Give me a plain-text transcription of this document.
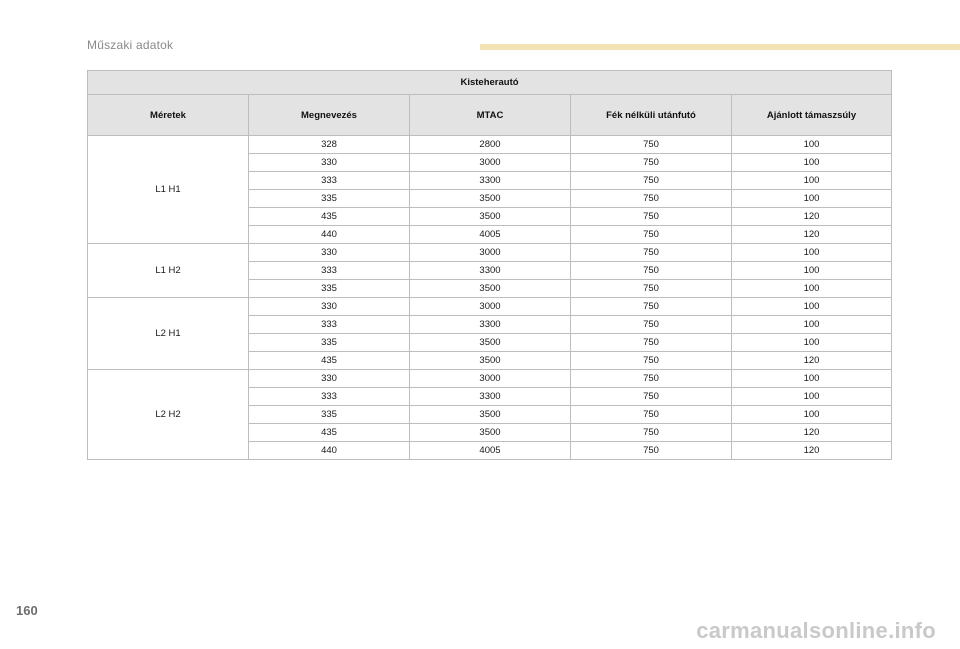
Műszaki adatok
Kisteherautó				
Méretek	Megnevezés	MTAC	Fék nélküli utánfutó	Ajánlott támaszsúly
L1 H1	328	2800	750	100
	330	3000	750	100
	333	3300	750	100
	335	3500	750	100
	435	3500	750	120
	440	4005	750	120
L1 H2	330	3000	750	100
	333	3300	750	100
	335	3500	750	100
L2 H1	330	3000	750	100
	333	3300	750	100
	335	3500	750	100
	435	3500	750	120
L2 H2	330	3000	750	100
	333	3300	750	100
	335	3500	750	100
	435	3500	750	120
	440	4005	750	120
160
carmanualsonline.info
